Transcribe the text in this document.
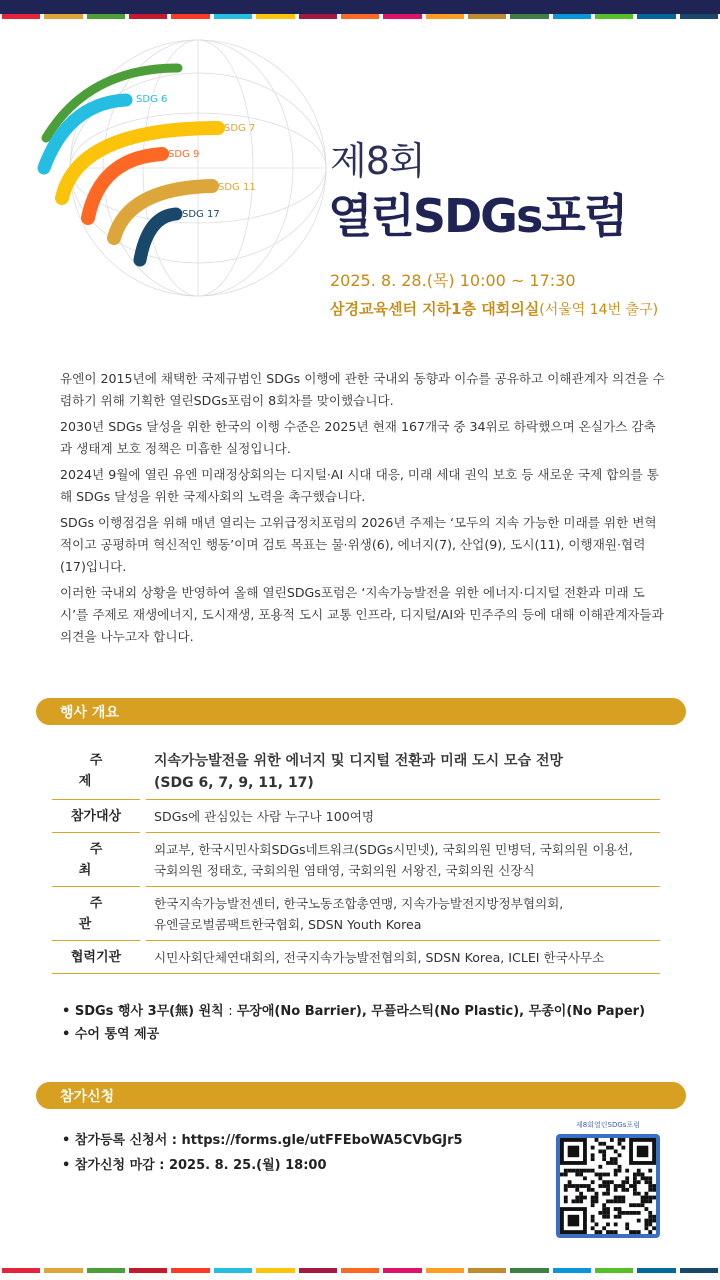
SDG 6
SDG 7
SDG 9
SDG 11
SDG 17
제8회
열린SDGs포럼
2025. 8. 28.(목) 10:00 ~ 17:30
삼경교육센터 지하1층 대회의실(서울역 14번 출구)

유엔이 2015년에 채택한 국제규범인 SDGs 이행에 관한 국내외 동향과 이슈를 공유하고 이해관계자 의견을 수렴하기 위해 기획한 열린SDGs포럼이 8회차를 맞이했습니다.

2030년 SDGs 달성을 위한 한국의 이행 수준은 2025년 현재 167개국 중 34위로 하락했으며 온실가스 감축과 생태계 보호 정책은 미흡한 실정입니다.

2024년 9월에 열린 유엔 미래정상회의는 디지털·AI 시대 대응, 미래 세대 권익 보호 등 새로운 국제 합의를 통해 SDGs 달성을 위한 국제사회의 노력을 촉구했습니다.

SDGs 이행점검을 위해 매년 열리는 고위급정치포럼의 2026년 주제는 ‘모두의 지속 가능한 미래를 위한 변혁적이고 공평하며 혁신적인 행동’이며 검토 목표는 물·위생(6), 에너지(7), 산업(9), 도시(11), 이행재원·협력(17)입니다.

이러한 국내외 상황을 반영하여 올해 열린SDGs포럼은 ‘지속가능발전을 위한 에너지·디지털 전환과 미래 도시’를 주제로 재생에너지, 도시재생, 포용적 도시 교통 인프라, 디지털/AI와 민주주의 등에 대해 이해관계자들과 의견을 나누고자 합니다.

행사 개요
주제		지속가능발전을 위한 에너지 및 디지털 전환과 미래 도시 모습 전망
(SDG 6, 7, 9, 11, 17)

참가대상		SDGs에 관심있는 사람 누구나 100여명
주최		외교부, 한국시민사회SDGs네트워크(SDGs시민넷), 국회의원 민병덕, 국회의원 이용선,
국회의원 정태호, 국회의원 염태영, 국회의원 서왕진, 국회의원 신장식

주관		한국지속가능발전센터, 한국노동조합총연맹, 지속가능발전지방정부협의회,
유엔글로벌콤팩트한국협회, SDSN Youth Korea

협력기관		시민사회단체연대회의, 전국지속가능발전협의회, SDSN Korea, ICLEI 한국사무소
• SDGs 행사 3무(無) 원칙 : 무장애(No Barrier), 무플라스틱(No Plastic), 무종이(No Paper)
• 수어 통역 제공
참가신청
• 참가등록 신청서 : https://forms.gle/utFFEboWA5CVbGJr5
• 참가신청 마감 : 2025. 8. 25.(월) 18:00
제8회열린SDGs포럼
